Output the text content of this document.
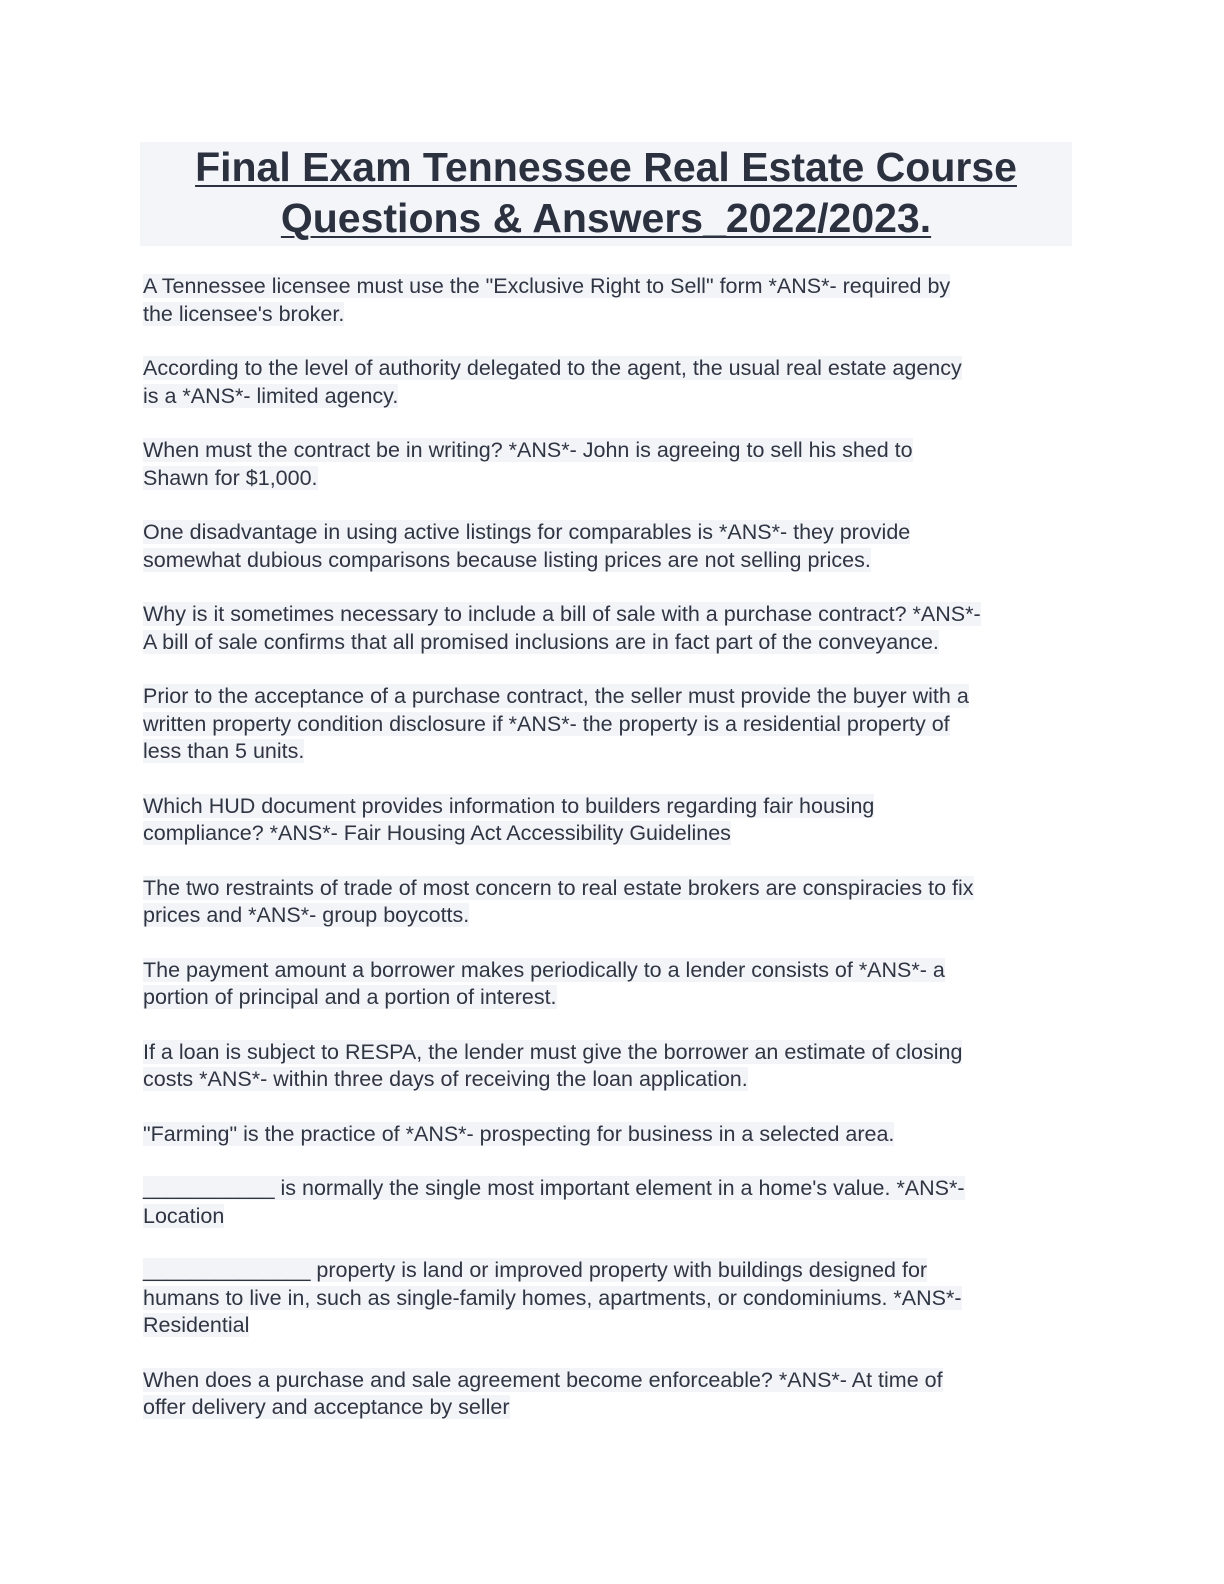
Final Exam Tennessee Real Estate Course
Questions & Answers_2022/2023.
A Tennessee licensee must use the "Exclusive Right to Sell" form *ANS*- required by
the licensee's broker.
According to the level of authority delegated to the agent, the usual real estate agency
is a *ANS*- limited agency.
When must the contract be in writing? *ANS*- John is agreeing to sell his shed to
Shawn for $1,000.
One disadvantage in using active listings for comparables is *ANS*- they provide
somewhat dubious comparisons because listing prices are not selling prices.
Why is it sometimes necessary to include a bill of sale with a purchase contract? *ANS*-
A bill of sale confirms that all promised inclusions are in fact part of the conveyance.
Prior to the acceptance of a purchase contract, the seller must provide the buyer with a
written property condition disclosure if *ANS*- the property is a residential property of
less than 5 units.
Which HUD document provides information to builders regarding fair housing
compliance? *ANS*- Fair Housing Act Accessibility Guidelines
The two restraints of trade of most concern to real estate brokers are conspiracies to fix
prices and *ANS*- group boycotts.
The payment amount a borrower makes periodically to a lender consists of *ANS*- a
portion of principal and a portion of interest.
If a loan is subject to RESPA, the lender must give the borrower an estimate of closing
costs *ANS*- within three days of receiving the loan application.
"Farming" is the practice of *ANS*- prospecting for business in a selected area.
___________ is normally the single most important element in a home's value. *ANS*-
Location
______________ property is land or improved property with buildings designed for
humans to live in, such as single-family homes, apartments, or condominiums. *ANS*-
Residential
When does a purchase and sale agreement become enforceable? *ANS*- At time of
offer delivery and acceptance by seller
